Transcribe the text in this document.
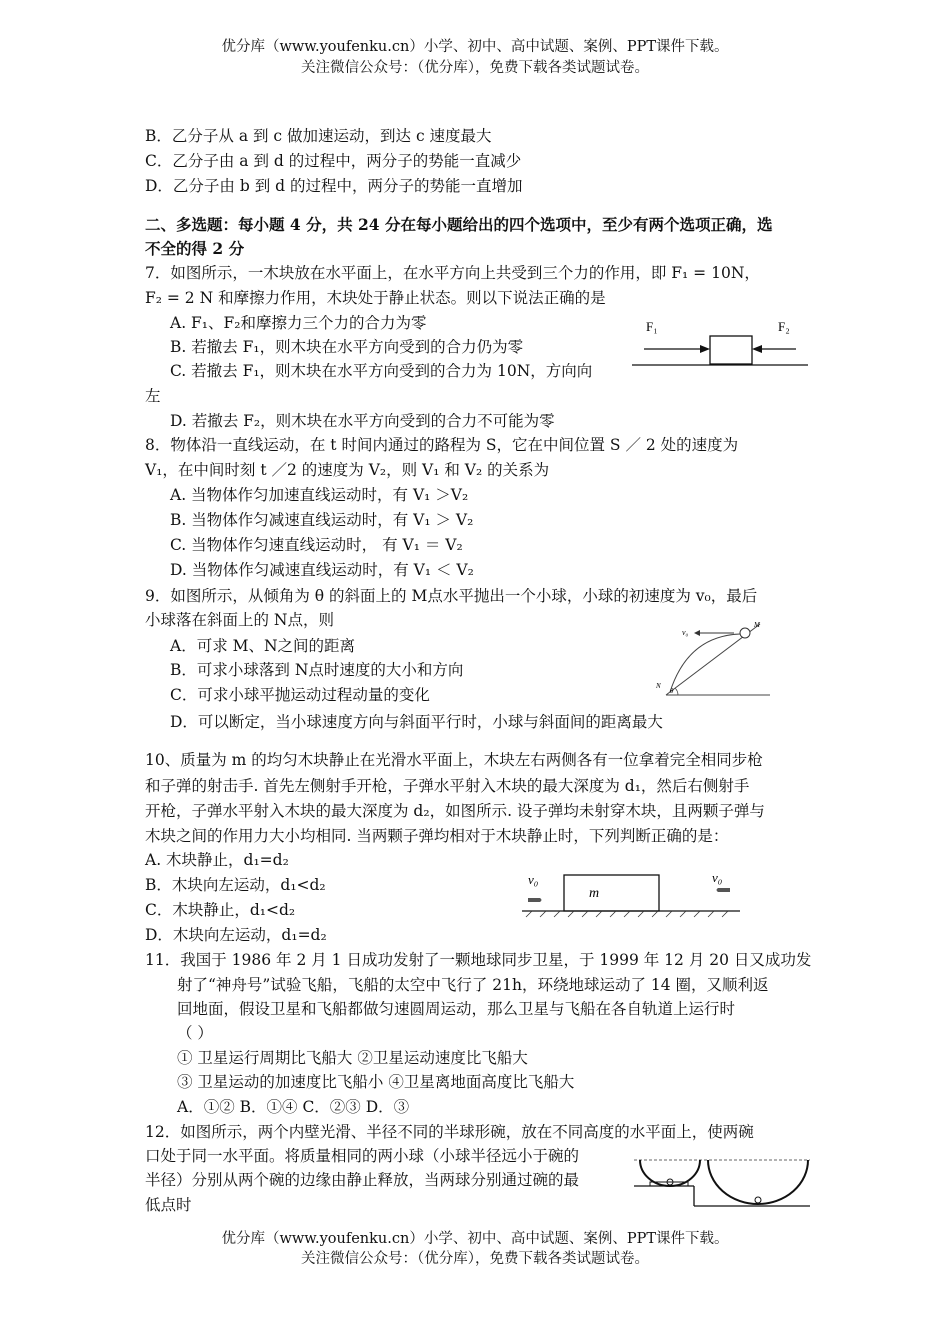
优分库（www.youfenku.cn）小学、初中、高中试题、案例、PPT课件下载。
关注微信公众号：（优分库），免费下载各类试题试卷。
B．乙分子从 a 到 c 做加速运动，到达 c 速度最大
C．乙分子由 a 到 d 的过程中，两分子的势能一直减少
D．乙分子由 b 到 d 的过程中，两分子的势能一直增加
二、多选题：每小题 4 分，共 24 分在每小题给出的四个选项中，至少有两个选项正确，选
不全的得 2 分
7．如图所示，一木块放在水平面上，在水平方向上共受到三个力的作用，即 F₁ = 10N，
F₂ = 2 N 和摩擦力作用，木块处于静止状态。则以下说法正确的是
A. F₁、F₂和摩擦力三个力的合力为零
B. 若撤去 F₁，则木块在水平方向受到的合力仍为零
C. 若撤去 F₁，则木块在水平方向受到的合力为 10N，方向向
左
D. 若撤去 F₂，则木块在水平方向受到的合力不可能为零
F₁	F₂
8．物体沿一直线运动，在 t 时间内通过的路程为 S，它在中间位置 S ／ 2 处的速度为
V₁，在中间时刻 t ／2 的速度为 V₂，则 V₁ 和 V₂ 的关系为
A. 当物体作匀加速直线运动时，有 V₁ ＞V₂
B. 当物体作匀减速直线运动时，有 V₁ ＞ V₂
C. 当物体作匀速直线运动时， 有 V₁ ＝ V₂
D. 当物体作匀减速直线运动时，有 V₁ ＜ V₂
9．如图所示，从倾角为 θ 的斜面上的 M点水平抛出一个小球，小球的初速度为 v₀，最后
小球落在斜面上的 N点，则
A．可求 M、N之间的距离
B．可求小球落到 N点时速度的大小和方向
C．可求小球平抛运动过程动量的变化
D．可以断定，当小球速度方向与斜面平行时，小球与斜面间的距离最大
v₀
M
N
θ
10、质量为 m 的均匀木块静止在光滑水平面上，木块左右两侧各有一位拿着完全相同步枪
和子弹的射击手. 首先左侧射手开枪，子弹水平射入木块的最大深度为 d₁，然后右侧射手
开枪，子弹水平射入木块的最大深度为 d₂，如图所示. 设子弹均未射穿木块，且两颗子弹与
木块之间的作用力大小均相同. 当两颗子弹均相对于木块静止时，下列判断正确的是：
A. 木块静止，d₁=d₂
B．木块向左运动，d₁<d₂
C．木块静止，d₁<d₂
D．木块向左运动，d₁=d₂
v₀	v₀
m
11．我国于 1986 年 2 月 1 日成功发射了一颗地球同步卫星，于 1999 年 12 月 20 日又成功发
射了“神舟号”试验飞船，飞船的太空中飞行了 21h，环绕地球运动了 14 圈，又顺利返
回地面，假设卫星和飞船都做匀速圆周运动，那么卫星与飞船在各自轨道上运行时
（ ）
① 卫星运行周期比飞船大 ②卫星运动速度比飞船大
③ 卫星运动的加速度比飞船小 ④卫星离地面高度比飞船大
A．①② B．①④ C．②③ D．③
12．如图所示，两个内壁光滑、半径不同的半球形碗，放在不同高度的水平面上，使两碗
口处于同一水平面。将质量相同的两小球（小球半径远小于碗的
半径）分别从两个碗的边缘由静止释放，当两球分别通过碗的最
低点时
优分库（www.youfenku.cn）小学、初中、高中试题、案例、PPT课件下载。
关注微信公众号：（优分库），免费下载各类试题试卷。
